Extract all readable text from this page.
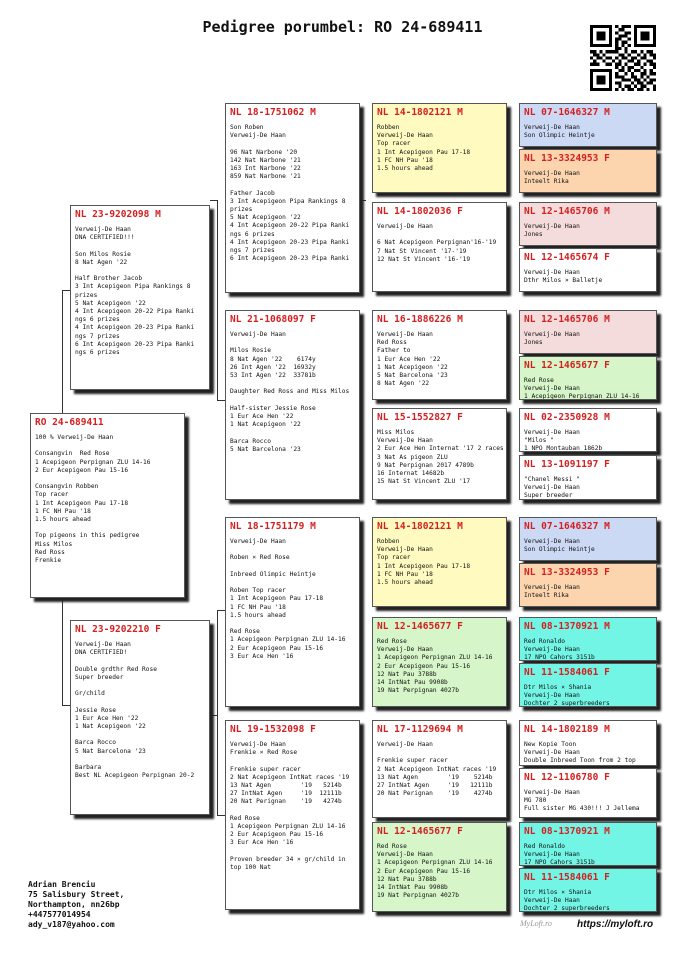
Pedigree porumbel: RO 24-689411
RO 24-689411
100 % Verweij-De Haan

Consangvin  Red Rose
1 Acepigeon Perpignan ZLU 14-16
2 Eur Acepigeon Pau 15-16

Consangvin Robben
Top racer
1 Int Acepigeon Pau 17-18
1 FC NH Pau '18
1.5 hours ahead

Top pigeons in this pedigree
Miss Milos
Red Ross
Frenkie
NL 23-9202098 M
Verweij-De Haan
DNA CERTIFIED!!!

Son Milos Rosie
8 Nat Agen '22

Half Brother Jacob
3 Int Acepigeon Pipa Rankings 8
prizes
5 Nat Acepigeon '22
4 Int Acepigeon 20-22 Pipa Ranki
ngs 6 prizes
4 Int Acepigeon 20-23 Pipa Ranki
ngs 7 prizes
6 Int Acepigeon 20-23 Pipa Ranki
ngs 6 prizes
NL 23-9202210 F
Verweij-De Haan
DNA CERTIFIED!

Double grdthr Red Rose
Super breeder

Gr/child

Jessie Rose
1 Eur Ace Hen '22
1 Nat Acepigeon '22

Barca Rocco
5 Nat Barcelona '23

Barbara
Best NL Acepigeon Perpignan 20-2
NL 18-1751062 M
Son Roben
Verweij-De Haan

96 Nat Narbone '20
142 Nat Narbone '21
163 Int Narbone '22
859 Nat Narbone '21

Father Jacob
3 Int Acepigeon Pipa Rankings 8
prizes
5 Nat Acepigeon '22
4 Int Acepigeon 20-22 Pipa Ranki
ngs 6 prizes
4 Int Acepigeon 20-23 Pipa Ranki
ngs 7 prizes
6 Int Acepigeon 20-23 Pipa Ranki
NL 21-1068097 F
Verweij-De Haan

Milos Rosie
8 Nat Agen '22    6174y
26 Int Agen '22  16932y
53 Int Agen '22  33781b

Daughter Red Ross and Miss Milos

Half-sister Jessie Rose
1 Eur Ace Hen '22
1 Nat Acepigeon '22

Barca Rocco
5 Nat Barcelona '23
NL 18-1751179 M
Verweij-De Haan

Roben × Red Rose

Inbreed Olimpic Heintje

Roben Top racer
1 Int Acepigeon Pau 17-18
1 FC NH Pau '18
1.5 hours ahead

Red Rose
1 Acepigeon Perpignan ZLU 14-16
2 Eur Acepigeon Pau 15-16
3 Eur Ace Hen '16
NL 19-1532098 F
Verweij-De Haan
Frenkie × Red Rose

Frenkie super racer
2 Nat Acepigeon IntNat races '19
13 Nat Agen        '19   5214b
27 IntNat Agen     '19  12111b
20 Nat Perignan    '19   4274b

Red Rose
1 Acepigeon Perpignan ZLU 14-16
2 Eur Acepigeon Pau 15-16
3 Eur Ace Hen '16

Proven breeder 34 × gr/child in
top 100 Nat
NL 14-1802121 M
Robben
Verweij-De Haan
Top racer
1 Int Acepigeon Pau 17-18
1 FC NH Pau '18
1.5 hours ahead
NL 14-1802036 F
Verweij-De Haan

6 Nat Acepigeon Perpignan'16-'19
7 Nat St Vincent '17-'19
12 Nat St Vincent '16-'19
NL 16-1886226 M
Verweij-De Haan
Red Ross
Father to
1 Eur Ace Hen '22
1 Nat Acepigeon '22
5 Nat Barcelona '23
8 Nat Agen '22
NL 15-1552827 F
Miss Milos
Verweij-De Haan
2 Eur Ace Hen Internat '17 2 races
3 Nat As pigeon ZLU
9 Nat Perpignan 2017 4789b
16 Internat 14682b
15 Nat St Vincent ZLU '17
NL 14-1802121 M
Robben
Verweij-De Haan
Top racer
1 Int Acepigeon Pau 17-18
1 FC NH Pau '18
1.5 hours ahead
NL 12-1465677 F
Red Rose
Verweij-De Haan
1 Acepigeon Perpignan ZLU 14-16
2 Eur Acepigeon Pau 15-16
12 Nat Pau 3788b
14 IntNat Pau 9908b
19 Nat Perpignan 4027b
NL 17-1129694 M
Verweij-De Haan

Frenkie super racer
2 Nat Acepigeon IntNat races '19
13 Nat Agen        '19    5214b
27 IntNat Agen     '19   12111b
20 Nat Perignan    '19    4274b
NL 12-1465677 F
Red Rose
Verweij-De Haan
1 Acepigeon Perpignan ZLU 14-16
2 Eur Acepigeon Pau 15-16
12 Nat Pau 3788b
14 IntNat Pau 9908b
19 Nat Perpignan 4027b
NL 07-1646327 M
Verweij-De Haan
Son Olimpic Heintje
NL 13-3324953 F
Verweij-De Haan
Inteelt Rika
NL 12-1465706 M
Verweij-De Haan
Jones
NL 12-1465674 F
Verweij-De Haan
Dthr Milos × Balletje
NL 12-1465706 M
Verweij-De Haan
Jones
NL 12-1465677 F
Red Rose
Verweij-De Haan
1 Acepigeon Perpignan ZLU 14-16
NL 02-2350928 M
Verweij-De Haan
"Milos "
1 NPO Montauban 1862b
NL 13-1091197 F
"Chanel Messi "
Verweij-De Haan
Super breeder
NL 07-1646327 M
Verweij-De Haan
Son Olimpic Heintje
NL 13-3324953 F
Verweij-De Haan
Inteelt Rika
NL 08-1370921 M
Red Ronaldo
Verweij-De Haan
17 NPO Cahors 3151b
NL 11-1584061 F
Dtr Milos × Shania
Verweij-De Haan
Dochter 2 superbreeders
NL 14-1802189 M
New Kopie Toon
Verweij-De Haan
Double Inbreed Toon from 2 top
NL 12-1106780 F
Verweij-De Haan
MG 780
Full sister MG 430!!! J Jellema
NL 08-1370921 M
Red Ronaldo
Verweij-De Haan
17 NPO Cahors 3151b
NL 11-1584061 F
Dtr Milos × Shania
Verweij-De Haan
Dochter 2 superbreeders
Adrian Brenciu
75 Salisbury Street,
Northampton, nn26bp
+447577014954
ady_v187@yahoo.com	MyLoft.ro	https://myloft.ro
